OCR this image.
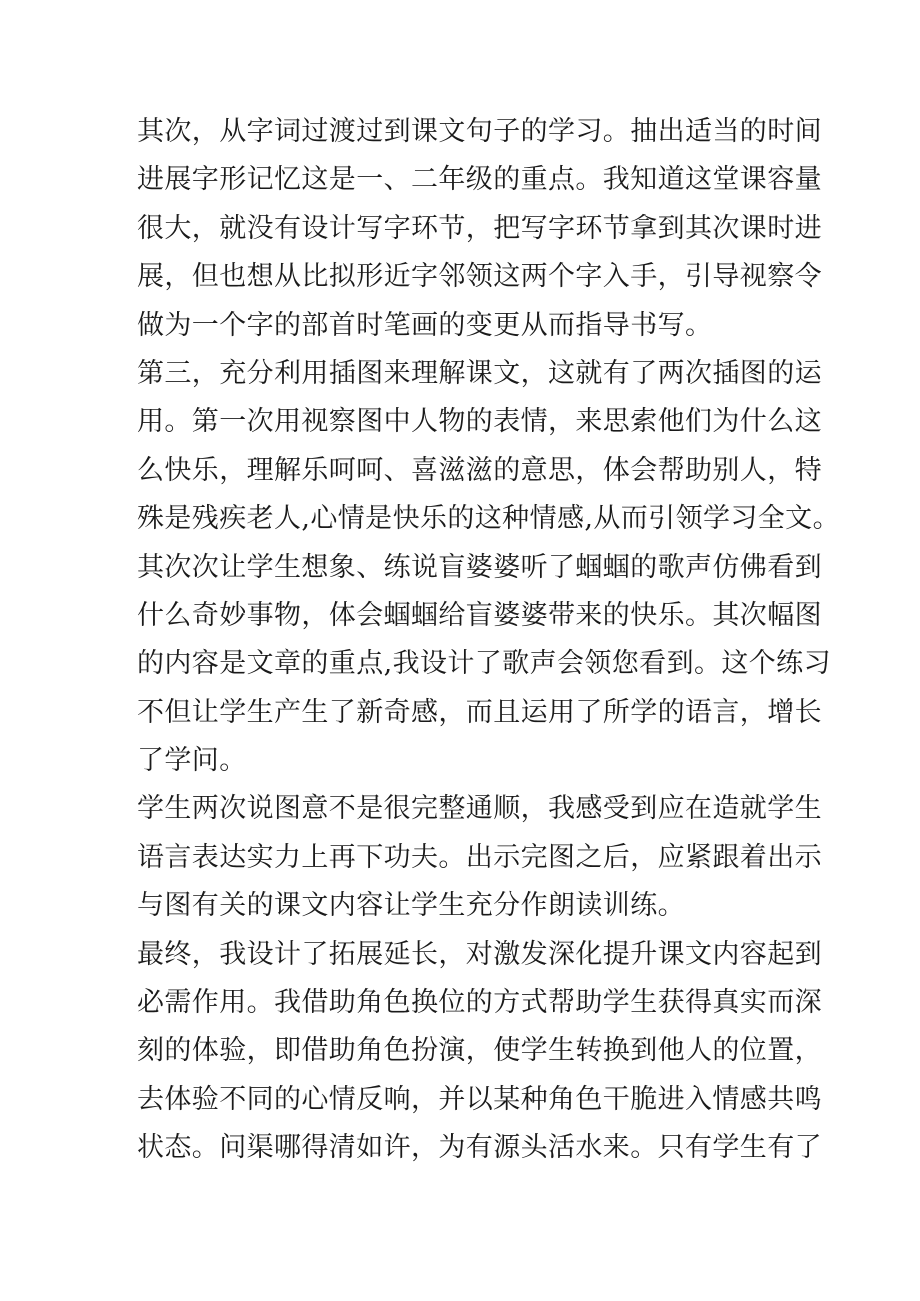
其次，从字词过渡过到课文句子的学习。抽出适当的时间
进展字形记忆这是一、二年级的重点。我知道这堂课容量
很大，就没有设计写字环节，把写字环节拿到其次课时进
展，但也想从比拟形近字邻领这两个字入手，引导视察令
做为一个字的部首时笔画的变更从而指导书写。
第三，充分利用插图来理解课文，这就有了两次插图的运
用。第一次用视察图中人物的表情，来思索他们为什么这
么快乐，理解乐呵呵、喜滋滋的意思，体会帮助别人，特
殊是残疾老人,心情是快乐的这种情感,从而引领学习全文。
其次次让学生想象、练说盲婆婆听了蝈蝈的歌声仿佛看到
什么奇妙事物，体会蝈蝈给盲婆婆带来的快乐。其次幅图
的内容是文章的重点,我设计了歌声会领您看到。这个练习
不但让学生产生了新奇感，而且运用了所学的语言，增长
了学问。
学生两次说图意不是很完整通顺，我感受到应在造就学生
语言表达实力上再下功夫。出示完图之后，应紧跟着出示
与图有关的课文内容让学生充分作朗读训练。
最终，我设计了拓展延长，对激发深化提升课文内容起到
必需作用。我借助角色换位的方式帮助学生获得真实而深
刻的体验，即借助角色扮演，使学生转换到他人的位置，
去体验不同的心情反响，并以某种角色干脆进入情感共鸣
状态。问渠哪得清如许，为有源头活水来。只有学生有了
